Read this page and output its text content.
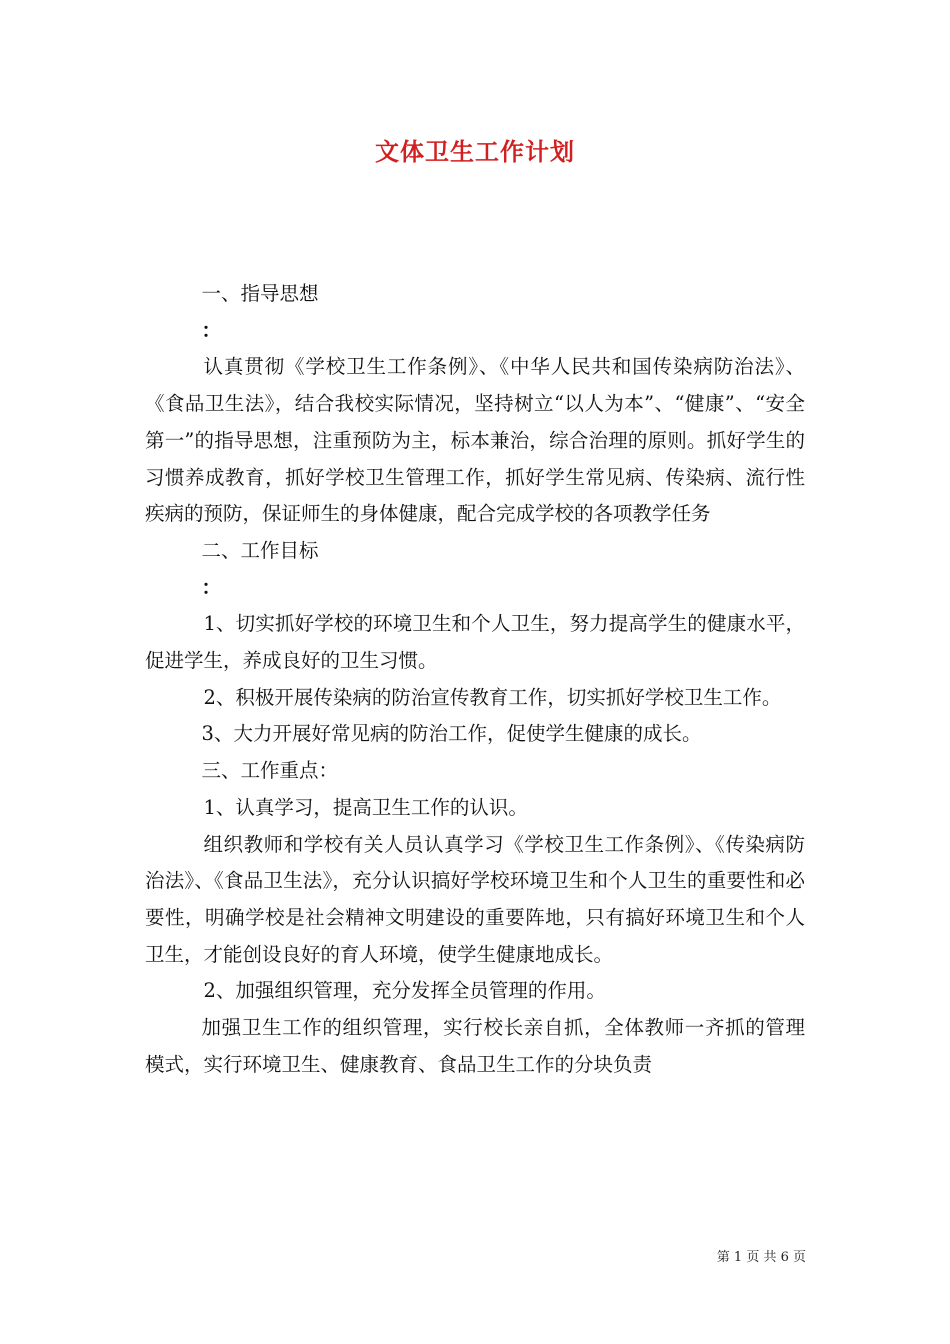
文体卫生工作计划

一、指导思想

：

认真贯彻《学校卫生工作条例》、《中华人民共和国传染病防治法》、《食品卫生法》，结合我校实际情况，坚持树立“以人为本”、“健康”、“安全第一”的指导思想，注重预防为主，标本兼治，综合治理的原则。抓好学生的习惯养成教育，抓好学校卫生管理工作，抓好学生常见病、传染病、流行性疾病的预防，保证师生的身体健康，配合完成学校的各项教学任务

二、工作目标

：

1、切实抓好学校的环境卫生和个人卫生，努力提高学生的健康水平，促进学生，养成良好的卫生习惯。

2、积极开展传染病的防治宣传教育工作，切实抓好学校卫生工作。

3、大力开展好常见病的防治工作，促使学生健康的成长。

三、工作重点：

1、认真学习，提高卫生工作的认识。

组织教师和学校有关人员认真学习《学校卫生工作条例》、《传染病防治法》、《食品卫生法》，充分认识搞好学校环境卫生和个人卫生的重要性和必要性，明确学校是社会精神文明建设的重要阵地，只有搞好环境卫生和个人卫生，才能创设良好的育人环境，使学生健康地成长。

2、加强组织管理，充分发挥全员管理的作用。

加强卫生工作的组织管理，实行校长亲自抓，全体教师一齐抓的管理模式，实行环境卫生、健康教育、食品卫生工作的分块负责

第 1 页 共 6 页
